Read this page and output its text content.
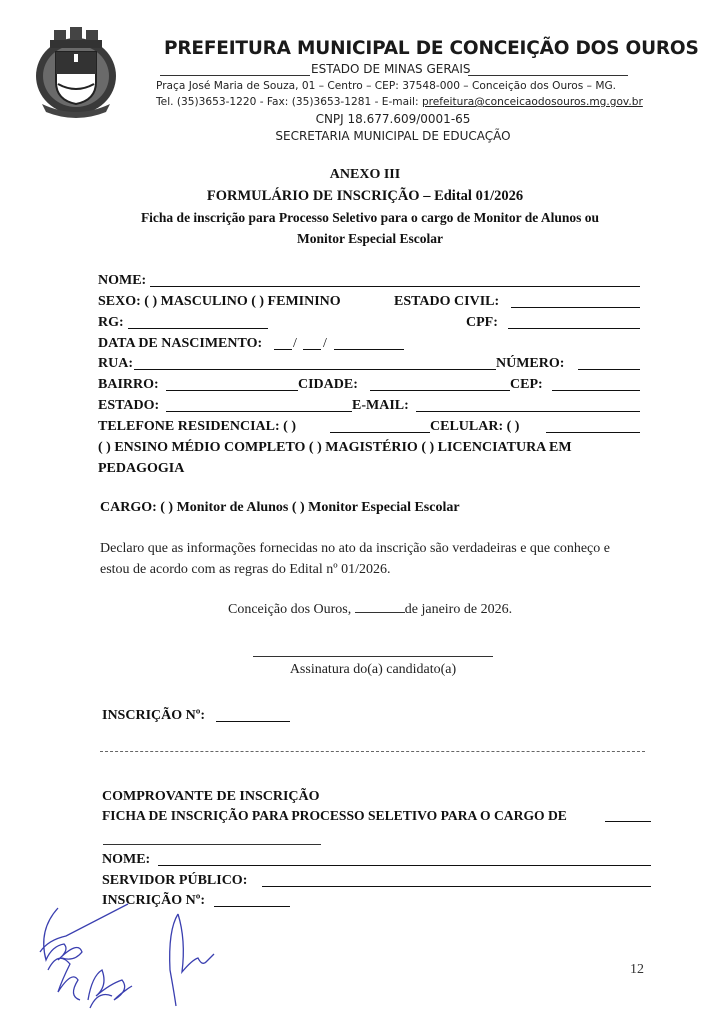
PREFEITURA MUNICIPAL DE CONCEIÇÃO DOS OUROS
ESTADO DE MINAS GERAIS
Praça José Maria de Souza, 01 – Centro – CEP: 37548-000 – Conceição dos Ouros – MG.
Tel. (35)3653-1220 - Fax: (35)3653-1281 - E-mail: prefeitura@conceicaodosouros.mg.gov.br
CNPJ 18.677.609/0001-65
SECRETARIA MUNICIPAL DE EDUCAÇÃO
ANEXO III
FORMULÁRIO DE INSCRIÇÃO – Edital 01/2026
Ficha de inscrição para Processo Seletivo para o cargo de Monitor de Alunos ou
Monitor Especial Escolar
NOME:
SEXO: ( ) MASCULINO ( ) FEMININO	ESTADO CIVIL:
RG:	CPF:
DATA DE NASCIMENTO: / /
RUA:	NÚMERO:
BAIRRO:	CIDADE:	CEP:
ESTADO:	E-MAIL:
TELEFONE RESIDENCIAL: ( )	CELULAR: ( )
( ) ENSINO MÉDIO COMPLETO ( ) MAGISTÉRIO ( ) LICENCIATURA EM
PEDAGOGIA
CARGO: ( ) Monitor de Alunos ( ) Monitor Especial Escolar
Declaro que as informações fornecidas no ato da inscrição são verdadeiras e que conheço e
estou de acordo com as regras do Edital nº 01/2026.
Conceição dos Ouros,	de janeiro de 2026.
Assinatura do(a) candidato(a)
INSCRIÇÃO Nº:
COMPROVANTE DE INSCRIÇÃO
FICHA DE INSCRIÇÃO PARA PROCESSO SELETIVO PARA O CARGO DE
NOME:
SERVIDOR PÚBLICO:
INSCRIÇÃO Nº:
12
